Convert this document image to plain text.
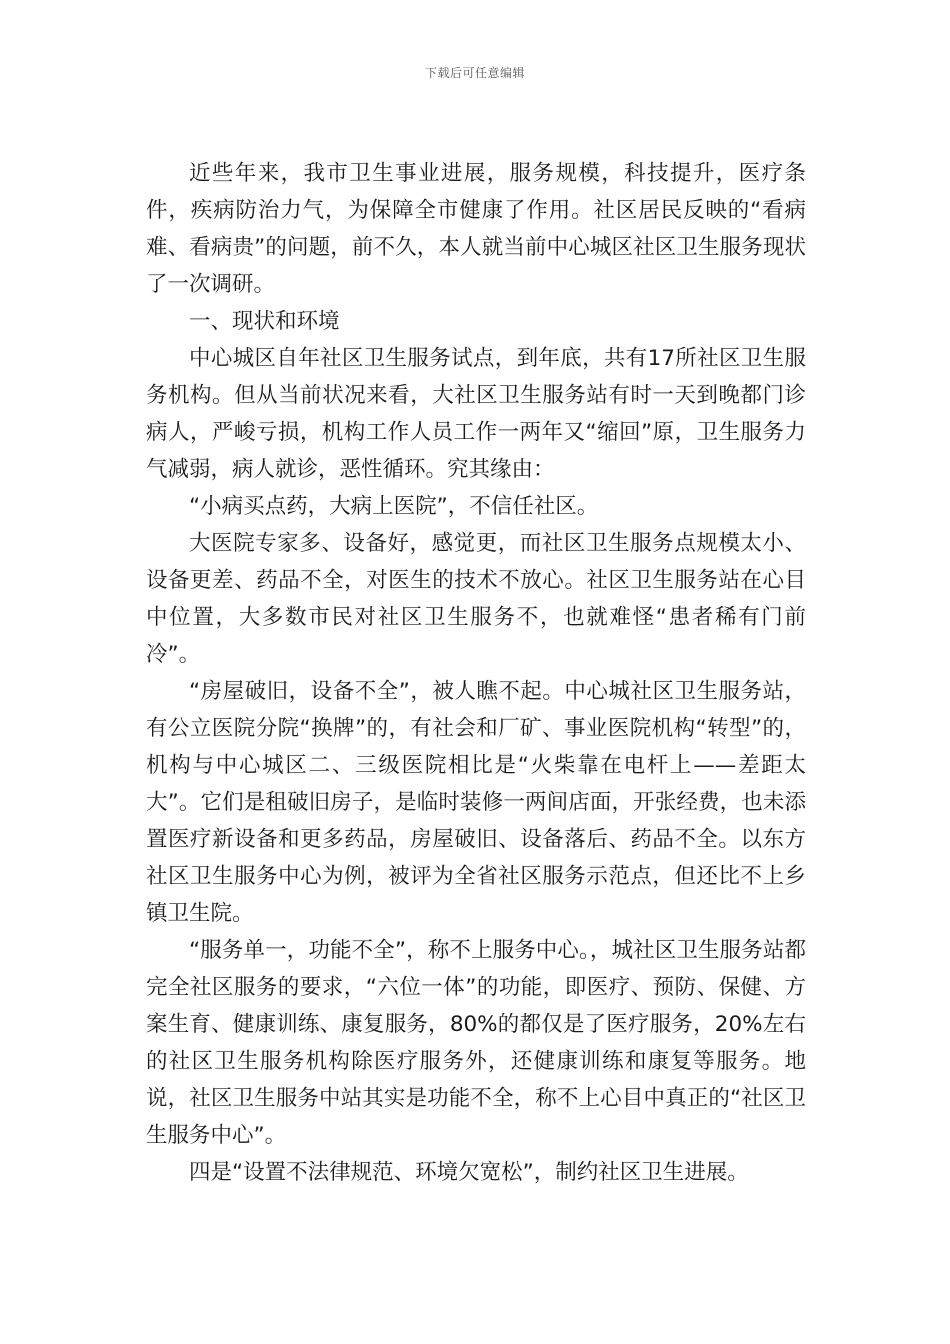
下载后可任意编辑

近些年来，我市卫生事业进展，服务规模，科技提升，医疗条件，疾病防治力气，为保障全市健康了作用。社区居民反映的“看病难、看病贵”的问题，前不久，本人就当前中心城区社区卫生服务现状了一次调研。

一、现状和环境

中心城区自年社区卫生服务试点，到年底，共有17所社区卫生服务机构。但从当前状况来看，大社区卫生服务站有时一天到晚都门诊病人，严峻亏损，机构工作人员工作一两年又“缩回”原，卫生服务力气减弱，病人就诊，恶性循环。究其缘由：

“小病买点药，大病上医院”，不信任社区。

大医院专家多、设备好，感觉更，而社区卫生服务点规模太小、设备更差、药品不全，对医生的技术不放心。社区卫生服务站在心目中位置，大多数市民对社区卫生服务不，也就难怪“患者稀有门前冷”。

“房屋破旧，设备不全”，被人瞧不起。中心城社区卫生服务站，有公立医院分院“换牌”的，有社会和厂矿、事业医院机构“转型”的，机构与中心城区二、三级医院相比是“火柴靠在电杆上——差距太大”。它们是租破旧房子，是临时装修一两间店面，开张经费，也未添置医疗新设备和更多药品，房屋破旧、设备落后、药品不全。以东方社区卫生服务中心为例，被评为全省社区服务示范点，但还比不上乡镇卫生院。

“服务单一，功能不全”，称不上服务中心。，城社区卫生服务站都完全社区服务的要求，“六位一体”的功能，即医疗、预防、保健、方案生育、健康训练、康复服务，80%的都仅是了医疗服务，20%左右的社区卫生服务机构除医疗服务外，还健康训练和康复等服务。地说，社区卫生服务中站其实是功能不全，称不上心目中真正的“社区卫生服务中心”。

四是“设置不法律规范、环境欠宽松”，制约社区卫生进展。
